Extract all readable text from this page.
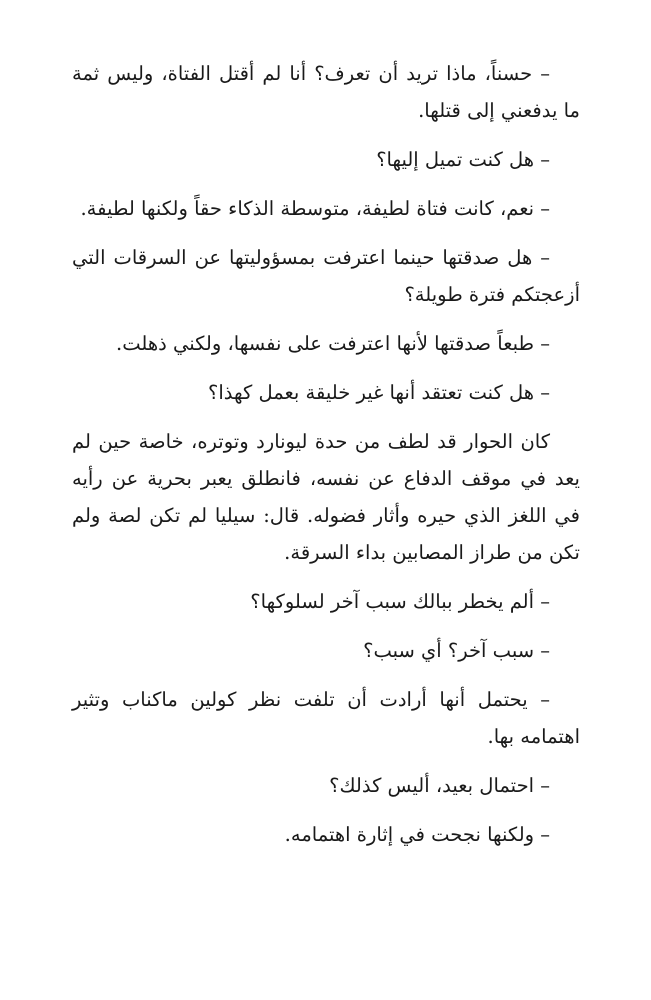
– حسناً، ماذا تريد أن تعرف؟ أنا لم أقتل الفتاة، وليس ثمة ما يدفعني إلى قتلها.

– هل كنت تميل إليها؟

– نعم، كانت فتاة لطيفة، متوسطة الذكاء حقاً ولكنها لطيفة.

– هل صدقتها حينما اعترفت بمسؤوليتها عن السرقات التي أزعجتكم فترة طويلة؟

– طبعاً صدقتها لأنها اعترفت على نفسها، ولكني ذهلت.

– هل كنت تعتقد أنها غير خليقة بعمل كهذا؟

كان الحوار قد لطف من حدة ليونارد وتوتره، خاصة حين لم يعد في موقف الدفاع عن نفسه، فانطلق يعبر بحرية عن رأيه في اللغز الذي حيره وأثار فضوله. قال: سيليا لم تكن لصة ولم تكن من طراز المصابين بداء السرقة.

– ألم يخطر ببالك سبب آخر لسلوكها؟

– سبب آخر؟ أي سبب؟

– يحتمل أنها أرادت أن تلفت نظر كولين ماكناب وتثير اهتمامه بها.

– احتمال بعيد، أليس كذلك؟

– ولكنها نجحت في إثارة اهتمامه.
